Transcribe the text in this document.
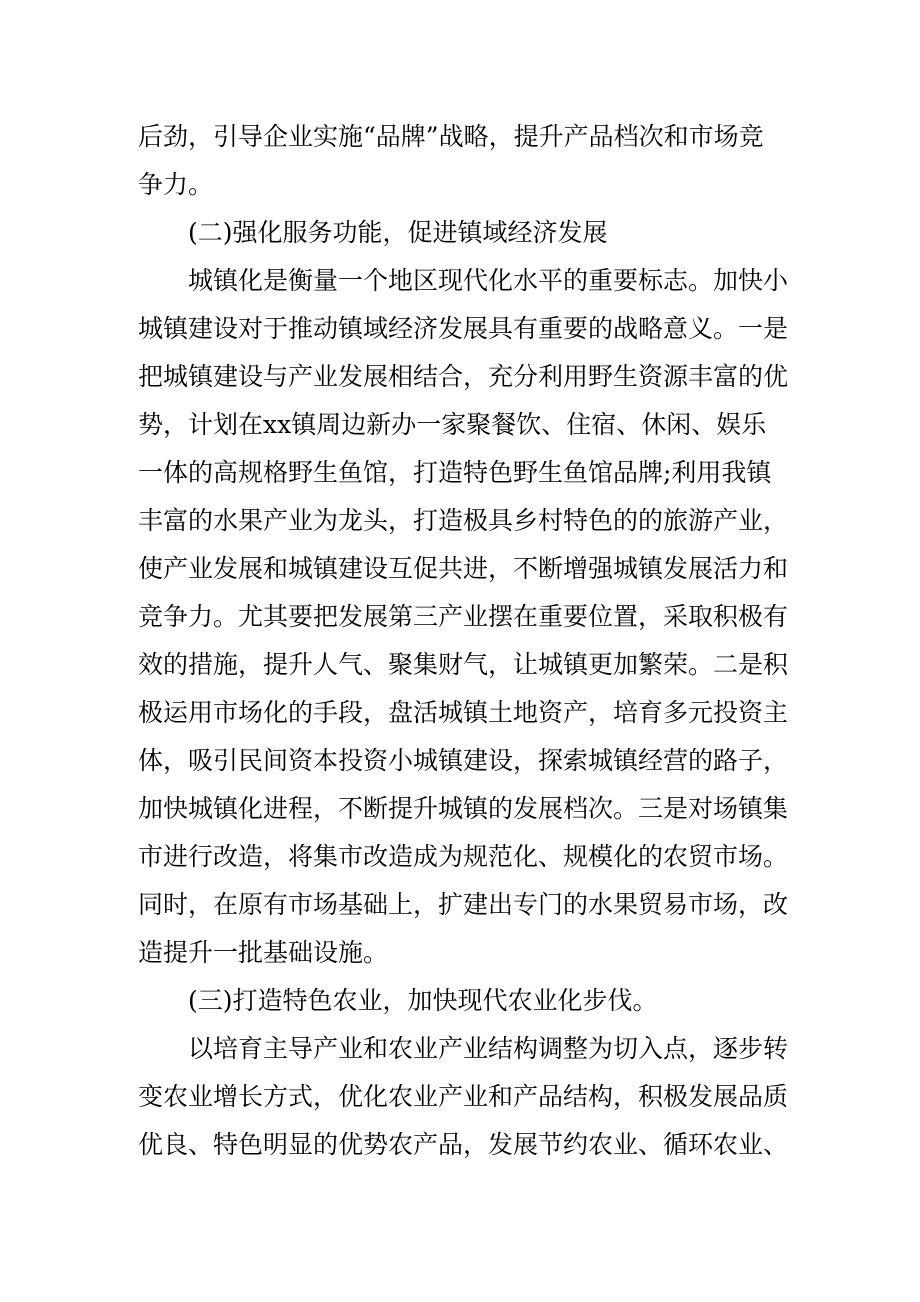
后劲，引导企业实施“品牌”战略，提升产品档次和市场竞争力。

(二)强化服务功能，促进镇域经济发展

城镇化是衡量一个地区现代化水平的重要标志。加快小城镇建设对于推动镇域经济发展具有重要的战略意义。一是把城镇建设与产业发展相结合，充分利用野生资源丰富的优势，计划在xx镇周边新办一家聚餐饮、住宿、休闲、娱乐一体的高规格野生鱼馆，打造特色野生鱼馆品牌;利用我镇丰富的水果产业为龙头，打造极具乡村特色的的旅游产业，使产业发展和城镇建设互促共进，不断增强城镇发展活力和竞争力。尤其要把发展第三产业摆在重要位置，采取积极有效的措施，提升人气、聚集财气，让城镇更加繁荣。二是积极运用市场化的手段，盘活城镇土地资产，培育多元投资主体，吸引民间资本投资小城镇建设，探索城镇经营的路子，加快城镇化进程，不断提升城镇的发展档次。三是对场镇集市进行改造，将集市改造成为规范化、规模化的农贸市场。同时，在原有市场基础上，扩建出专门的水果贸易市场，改造提升一批基础设施。

(三)打造特色农业，加快现代农业化步伐。

以培育主导产业和农业产业结构调整为切入点，逐步转变农业增长方式，优化农业产业和产品结构，积极发展品质优良、特色明显的优势农产品，发展节约农业、循环农业、
